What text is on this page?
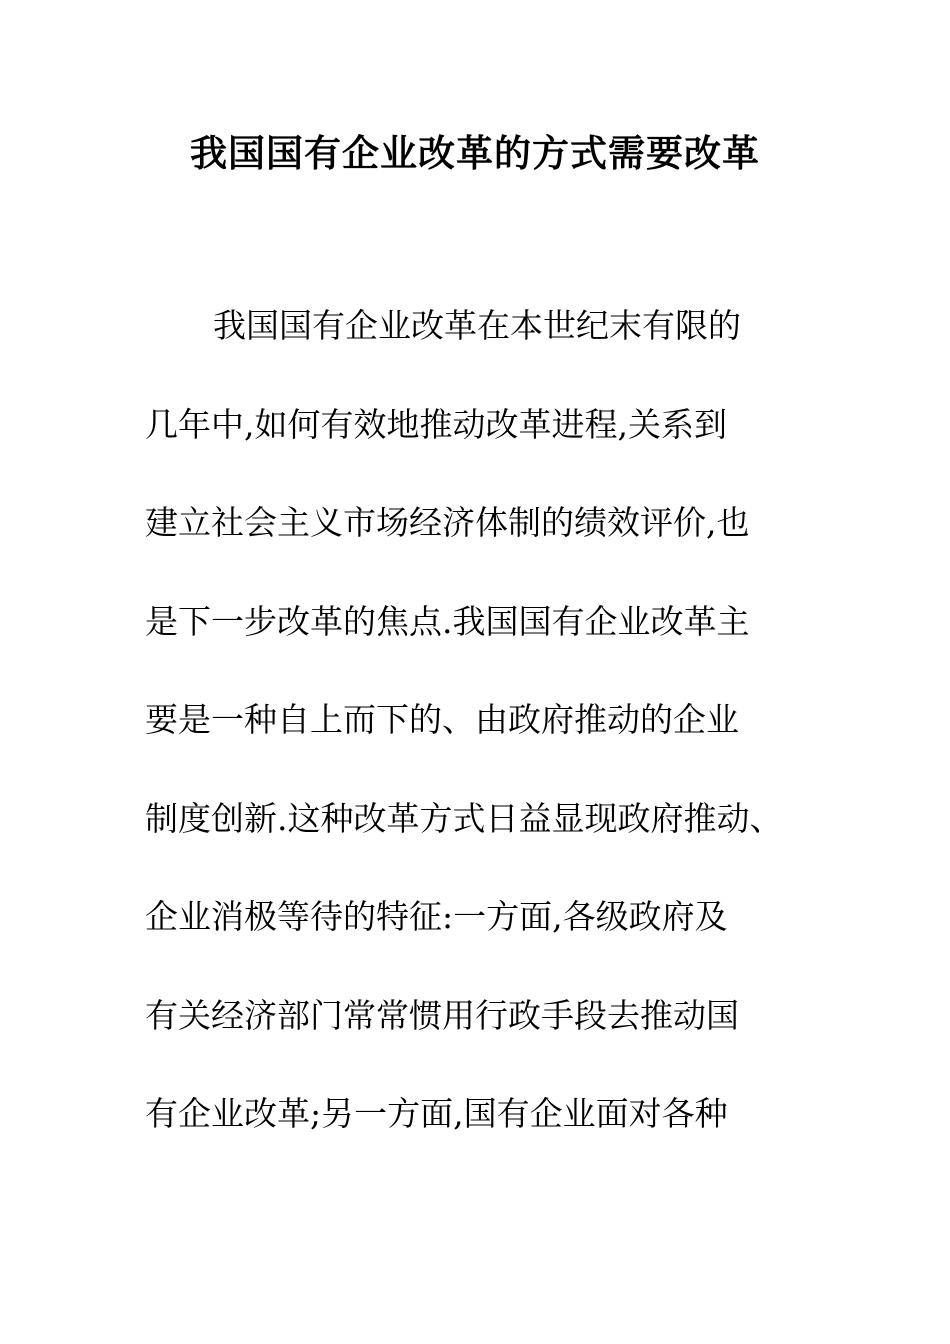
我国国有企业改革的方式需要改革
我国国有企业改革在本世纪末有限的
几年中,如何有效地推动改革进程,关系到
建立社会主义市场经济体制的绩效评价,也
是下一步改革的焦点.我国国有企业改革主
要是一种自上而下的、由政府推动的企业
制度创新.这种改革方式日益显现政府推动、
企业消极等待的特征:一方面,各级政府及
有关经济部门常常惯用行政手段去推动国
有企业改革;另一方面,国有企业面对各种
